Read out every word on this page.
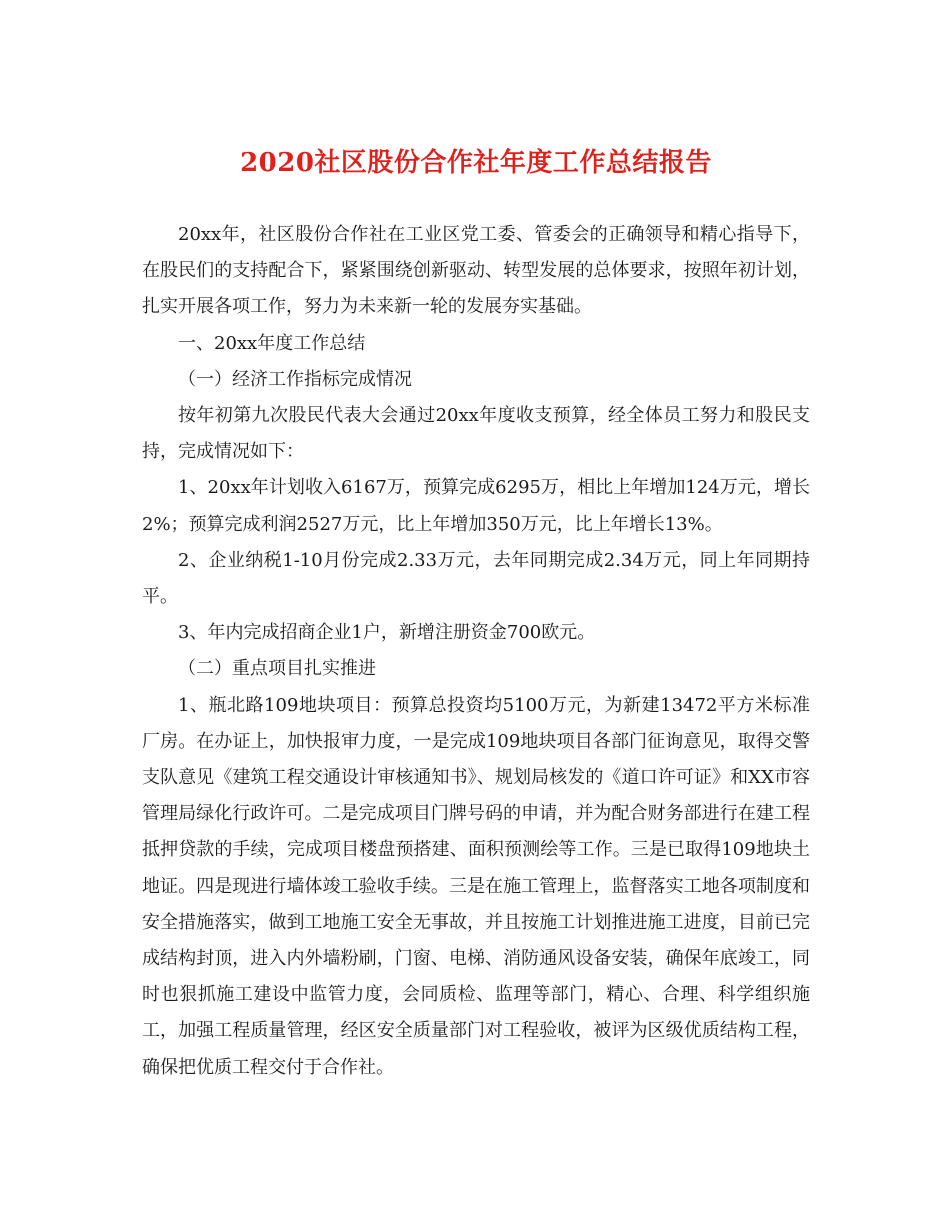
2020社区股份合作社年度工作总结报告

20xx年，社区股份合作社在工业区党工委、管委会的正确领导和精心指导下，在股民们的支持配合下，紧紧围绕创新驱动、转型发展的总体要求，按照年初计划，扎实开展各项工作，努力为未来新一轮的发展夯实基础。

一、20xx年度工作总结

（一）经济工作指标完成情况

按年初第九次股民代表大会通过20xx年度收支预算，经全体员工努力和股民支持，完成情况如下：

1、20xx年计划收入6167万，预算完成6295万，相比上年增加124万元，增长2%；预算完成利润2527万元，比上年增加350万元，比上年增长13%。

2、企业纳税1-10月份完成2.33万元，去年同期完成2.34万元，同上年同期持平。

3、年内完成招商企业1户，新增注册资金700欧元。

（二）重点项目扎实推进

1、瓶北路109地块项目：预算总投资均5100万元，为新建13472平方米标准厂房。在办证上，加快报审力度，一是完成109地块项目各部门征询意见，取得交警支队意见《建筑工程交通设计审核通知书》、规划局核发的《道口许可证》和XX市容管理局绿化行政许可。二是完成项目门牌号码的申请，并为配合财务部进行在建工程抵押贷款的手续，完成项目楼盘预搭建、面积预测绘等工作。三是已取得109地块土地证。四是现进行墙体竣工验收手续。三是在施工管理上，监督落实工地各项制度和安全措施落实，做到工地施工安全无事故，并且按施工计划推进施工进度，目前已完成结构封顶，进入内外墙粉刷，门窗、电梯、消防通风设备安装，确保年底竣工，同时也狠抓施工建设中监管力度，会同质检、监理等部门，精心、合理、科学组织施工，加强工程质量管理，经区安全质量部门对工程验收，被评为区级优质结构工程，确保把优质工程交付于合作社。
